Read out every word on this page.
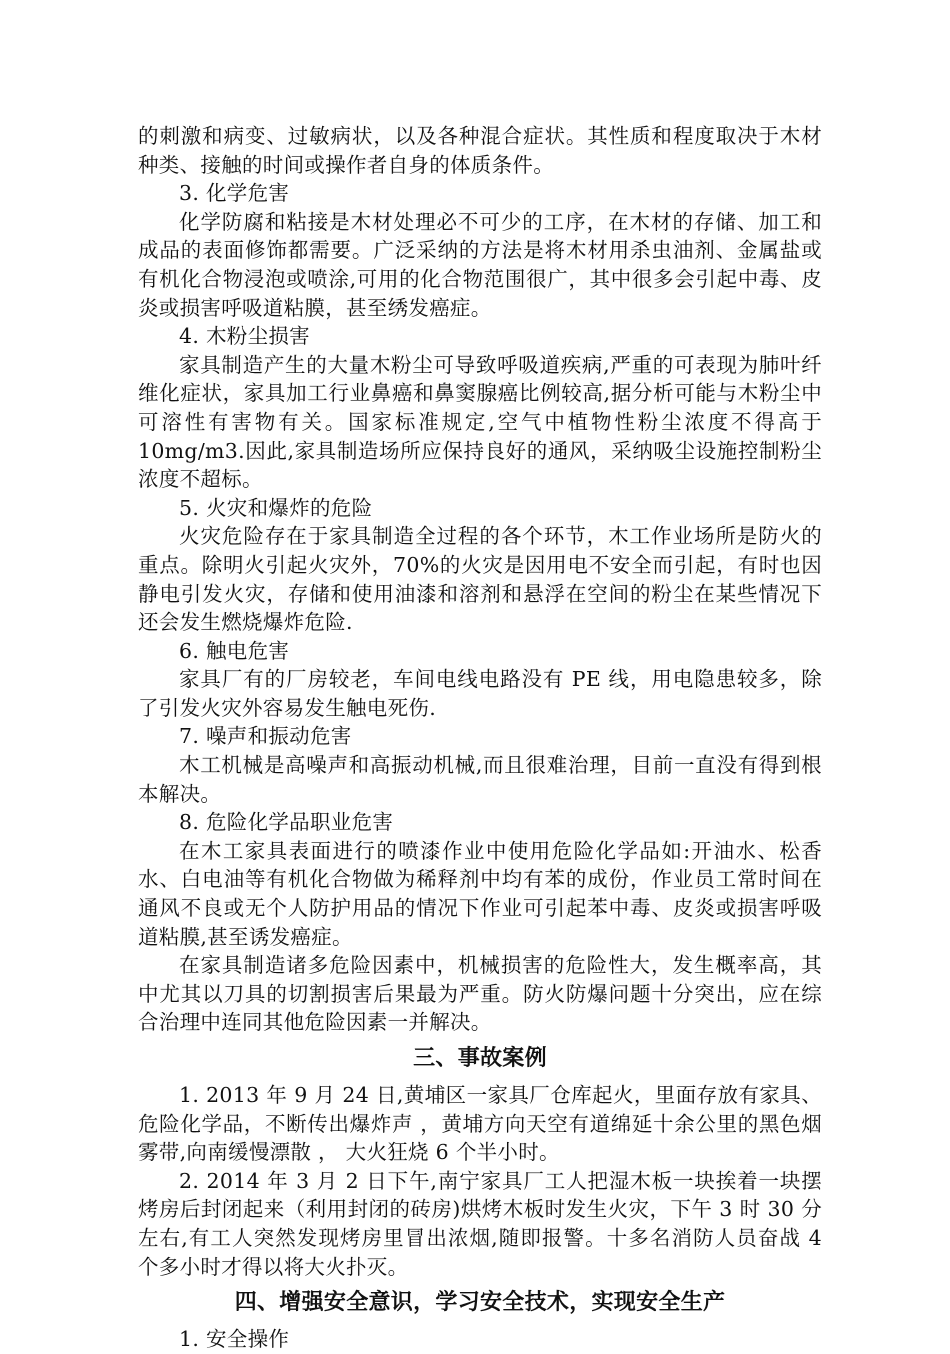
的刺激和病变、过敏病状，以及各种混合症状。其性质和程度取决于木材种类、接触的时间或操作者自身的体质条件。

3. 化学危害

化学防腐和粘接是木材处理必不可少的工序，在木材的存储、加工和成品的表面修饰都需要。广泛采纳的方法是将木材用杀虫油剂、金属盐或有机化合物浸泡或喷涂,可用的化合物范围很广，其中很多会引起中毒、皮炎或损害呼吸道粘膜，甚至绣发癌症。

4. 木粉尘损害

家具制造产生的大量木粉尘可导致呼吸道疾病,严重的可表现为肺叶纤维化症状，家具加工行业鼻癌和鼻窦腺癌比例较高,据分析可能与木粉尘中可溶性有害物有关。国家标准规定,空气中植物性粉尘浓度不得高于 10mg/m3.因此,家具制造场所应保持良好的通风，采纳吸尘设施控制粉尘浓度不超标。

5. 火灾和爆炸的危险

火灾危险存在于家具制造全过程的各个环节，木工作业场所是防火的重点。除明火引起火灾外，70%的火灾是因用电不安全而引起，有时也因静电引发火灾，存储和使用油漆和溶剂和悬浮在空间的粉尘在某些情况下还会发生燃烧爆炸危险.

6. 触电危害

家具厂有的厂房较老，车间电线电路没有 PE 线，用电隐患较多，除了引发火灾外容易发生触电死伤.

7. 噪声和振动危害

木工机械是高噪声和高振动机械,而且很难治理，目前一直没有得到根本解决。

8. 危险化学品职业危害

在木工家具表面进行的喷漆作业中使用危险化学品如:开油水、松香水、白电油等有机化合物做为稀释剂中均有苯的成份，作业员工常时间在通风不良或无个人防护用品的情况下作业可引起苯中毒、皮炎或损害呼吸道粘膜,甚至诱发癌症。

在家具制造诸多危险因素中，机械损害的危险性大，发生概率高，其中尤其以刀具的切割损害后果最为严重。防火防爆问题十分突出，应在综合治理中连同其他危险因素一并解决。

三、事故案例

1. 2013 年 9 月 24 日,黄埔区一家具厂仓库起火，里面存放有家具、危险化学品，不断传出爆炸声 ，黄埔方向天空有道绵延十余公里的黑色烟雾带,向南缓慢漂散 ， 大火狂烧 6 个半小时。

2. 2014 年 3 月 2 日下午,南宁家具厂工人把湿木板一块挨着一块摆烤房后封闭起来（利用封闭的砖房)烘烤木板时发生火灾，下午 3 时 30 分左右,有工人突然发现烤房里冒出浓烟,随即报警。十多名消防人员奋战 4 个多小时才得以将大火扑灭。

四、增强安全意识，学习安全技术，实现安全生产

1. 安全操作
